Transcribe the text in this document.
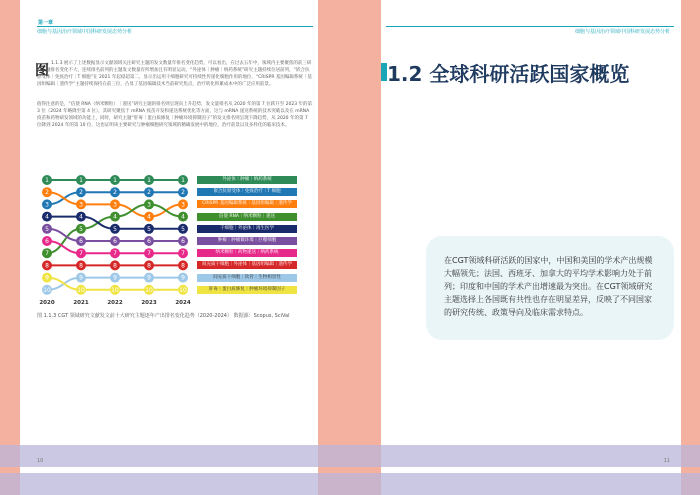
第一章
细胞与基因治疗领域中国科研发展态势分析
图 1.1.3 展示了上述数据显示文献领域关注研究主题的发文数量年排名变化趋势，可以看出，在过去五年中，领域内主要聚焦的前三研究主题排名变化不大，连续排名前列的主题发文数量有所增加且有明显运动。“外泌体｜肿瘤｜纳药系统”研究主题持续位居前列，“嵌合抗原受体｜免疫治疗｜T 细胞”在 2021 年起稳超第二，显示出运用干细胞研究可持续性传递化细胞作用的地位，“CRISPR 基因编辑系统｜基因组编辑｜遗传学”主题持续保持在前三位，凸显了基因编辑技术当前研究焦点，治疗转化积累成本中的广泛应用前景。
值得注意的是，“信使 RNA（纳米颗粒）｜递送”研究主题的排名则呈现向上升趋势，发文量排名从 2020 年的第 7 位跃升至 2023 年的第 3 位（2024 年略降至第 4 位），其研究聚焦于 mRNA 疫苗开发和递送系统优化等方面，这与 mRNA 递送系统的技术突破以及在 mRNA 疫苗和药物研发领域的功能上，同时，研究主题“肝毒｜蛋白质修复｜肿瘤环境抑制因子”的发文排名则呈现下降趋势，从 2020 年的第 7 位降到 2024 年的第 10 位，这也证明该主要研究与肿瘤细胞研究领域的精确发展中的地位，治疗前景以及多样化的临床技术。
1	1	1	1	1
3
2	2	2	2
2
3	3
4
3
7
5
4
3
4
4	4
5	5	5
5
6	6	6	6
6
7	7	7	7
8	8	8	8	8
10
9	9	9	9
9
10	10	10	10
2020	2021	2022	2023	2024
外泌体｜肿瘤｜纳药系统
嵌合抗原受体｜免疫治疗｜T 细胞
CRISPR 基因编辑系统｜基因组编辑｜遗传学
信使 RNA｜纳米颗粒｜递送
干细胞｜外泌体｜再生医学
肿瘤｜肿瘤微环境｜巨噬细胞
纳米颗粒｜药物递送｜纳药系统
间充质干细胞｜外泌体｜基因组编辑｜遗传学
间充质干细胞｜软骨｜生物相容性
肝毒｜蛋白质修复｜肿瘤环境抑制因子
图 1.1.3 CGT 领域研究文献发文前十大研究主题逐年产出排名变化趋势（2020-2024） 数据源：Scopus, SciVal
细胞与基因治疗领域中国科研发展态势分析
1.2 全球科研活跃国家概览
在CGT领域科研活跃的国家中，中国和美国的学术产出规模大幅领先；法国、西班牙、加拿大的平均学术影响力处于前列；印度和中国的学术产出增速最为突出。在CGT领域研究主题选择上各国既有共性也存在明显差异，反映了不同国家的研究传统、政策导向及临床需求特点。
10	11
